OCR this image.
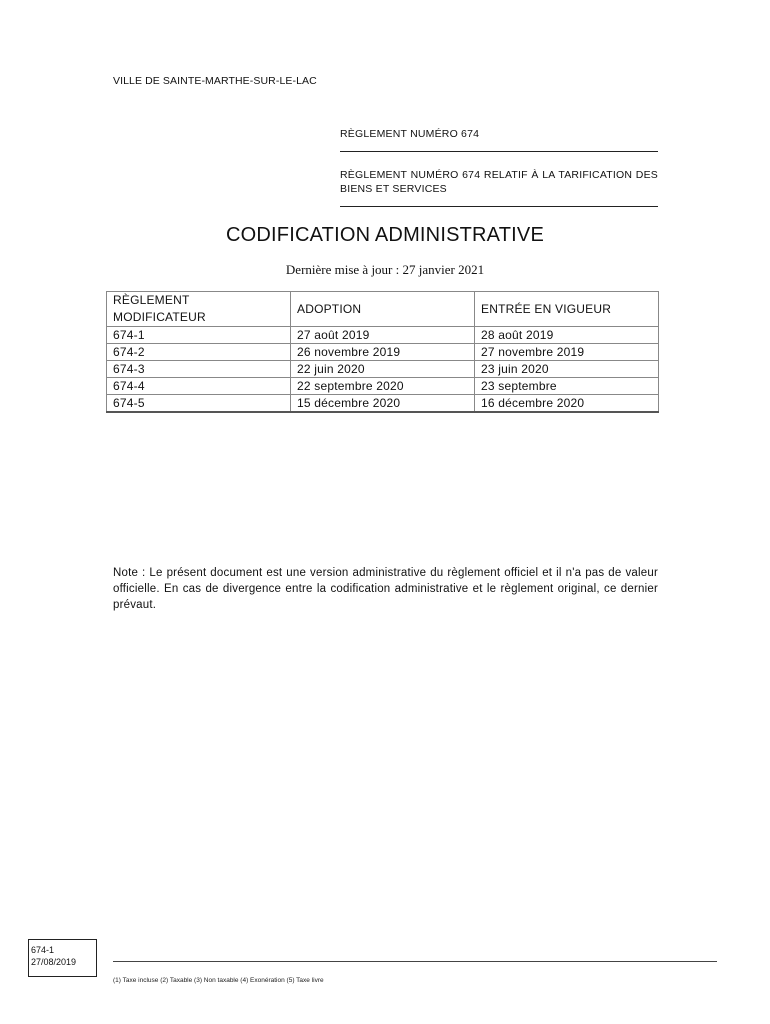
VILLE DE SAINTE-MARTHE-SUR-LE-LAC
RÈGLEMENT NUMÉRO 674
RÈGLEMENT NUMÉRO 674 RELATIF À LA TARIFICATION DES BIENS ET SERVICES
CODIFICATION ADMINISTRATIVE
Dernière mise à jour : 27 janvier 2021
RÈGLEMENT MODIFICATEUR	ADOPTION	ENTRÉE EN VIGUEUR
674-1	27 août 2019	28 août 2019
674-2	26 novembre 2019	27 novembre 2019
674-3	22 juin 2020	23 juin 2020
674-4	22 septembre 2020	23 septembre
674-5	15 décembre 2020	16 décembre 2020
Note : Le présent document est une version administrative du règlement officiel et il n'a pas de valeur officielle. En cas de divergence entre la codification administrative et le règlement original, ce dernier prévaut.
674-1
27/08/2019
(1) Taxe incluse (2) Taxable (3) Non taxable (4) Exonération (5) Taxe livre
